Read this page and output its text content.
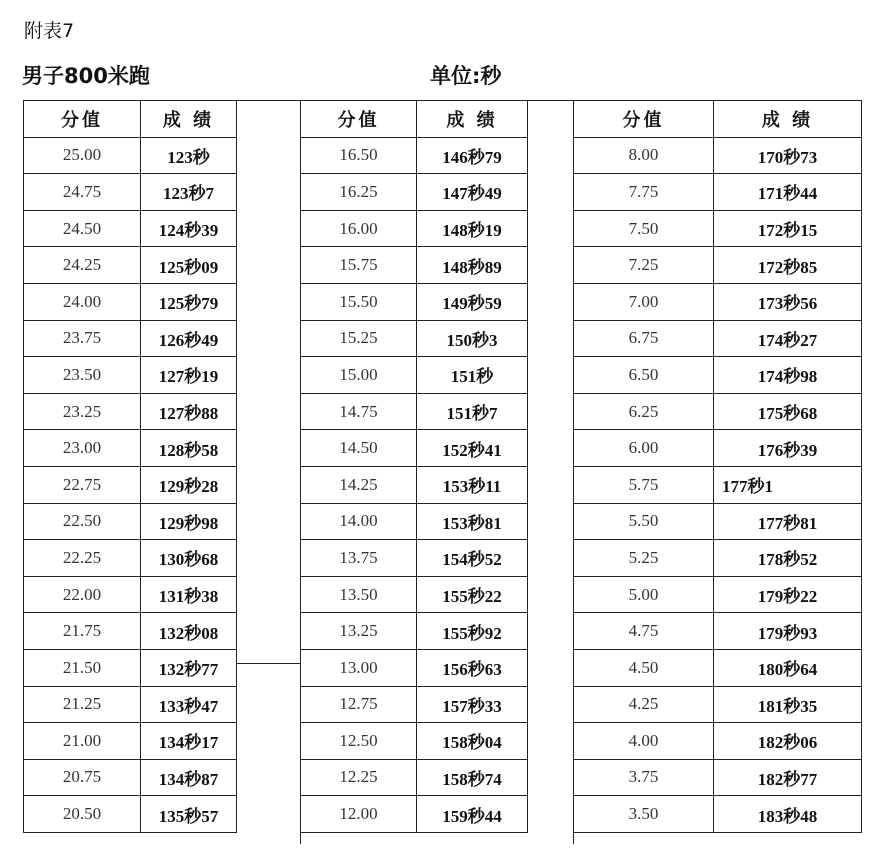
附表7
男子800米跑	单位:秒
分值	成 绩
25.00	123秒
24.75	123秒7
24.50	124秒39
24.25	125秒09
24.00	125秒79
23.75	126秒49
23.50	127秒19
23.25	127秒88
23.00	128秒58
22.75	129秒28
22.50	129秒98
22.25	130秒68
22.00	131秒38
21.75	132秒08
21.50	132秒77
21.25	133秒47
21.00	134秒17
20.75	134秒87
20.50	135秒57
分值	成 绩
16.50	146秒79
16.25	147秒49
16.00	148秒19
15.75	148秒89
15.50	149秒59
15.25	150秒3
15.00	151秒
14.75	151秒7
14.50	152秒41
14.25	153秒11
14.00	153秒81
13.75	154秒52
13.50	155秒22
13.25	155秒92
13.00	156秒63
12.75	157秒33
12.50	158秒04
12.25	158秒74
12.00	159秒44
分值	成 绩
8.00	170秒73
7.75	171秒44
7.50	172秒15
7.25	172秒85
7.00	173秒56
6.75	174秒27
6.50	174秒98
6.25	175秒68
6.00	176秒39
5.75	177秒1
5.50	177秒81
5.25	178秒52
5.00	179秒22
4.75	179秒93
4.50	180秒64
4.25	181秒35
4.00	182秒06
3.75	182秒77
3.50	183秒48
